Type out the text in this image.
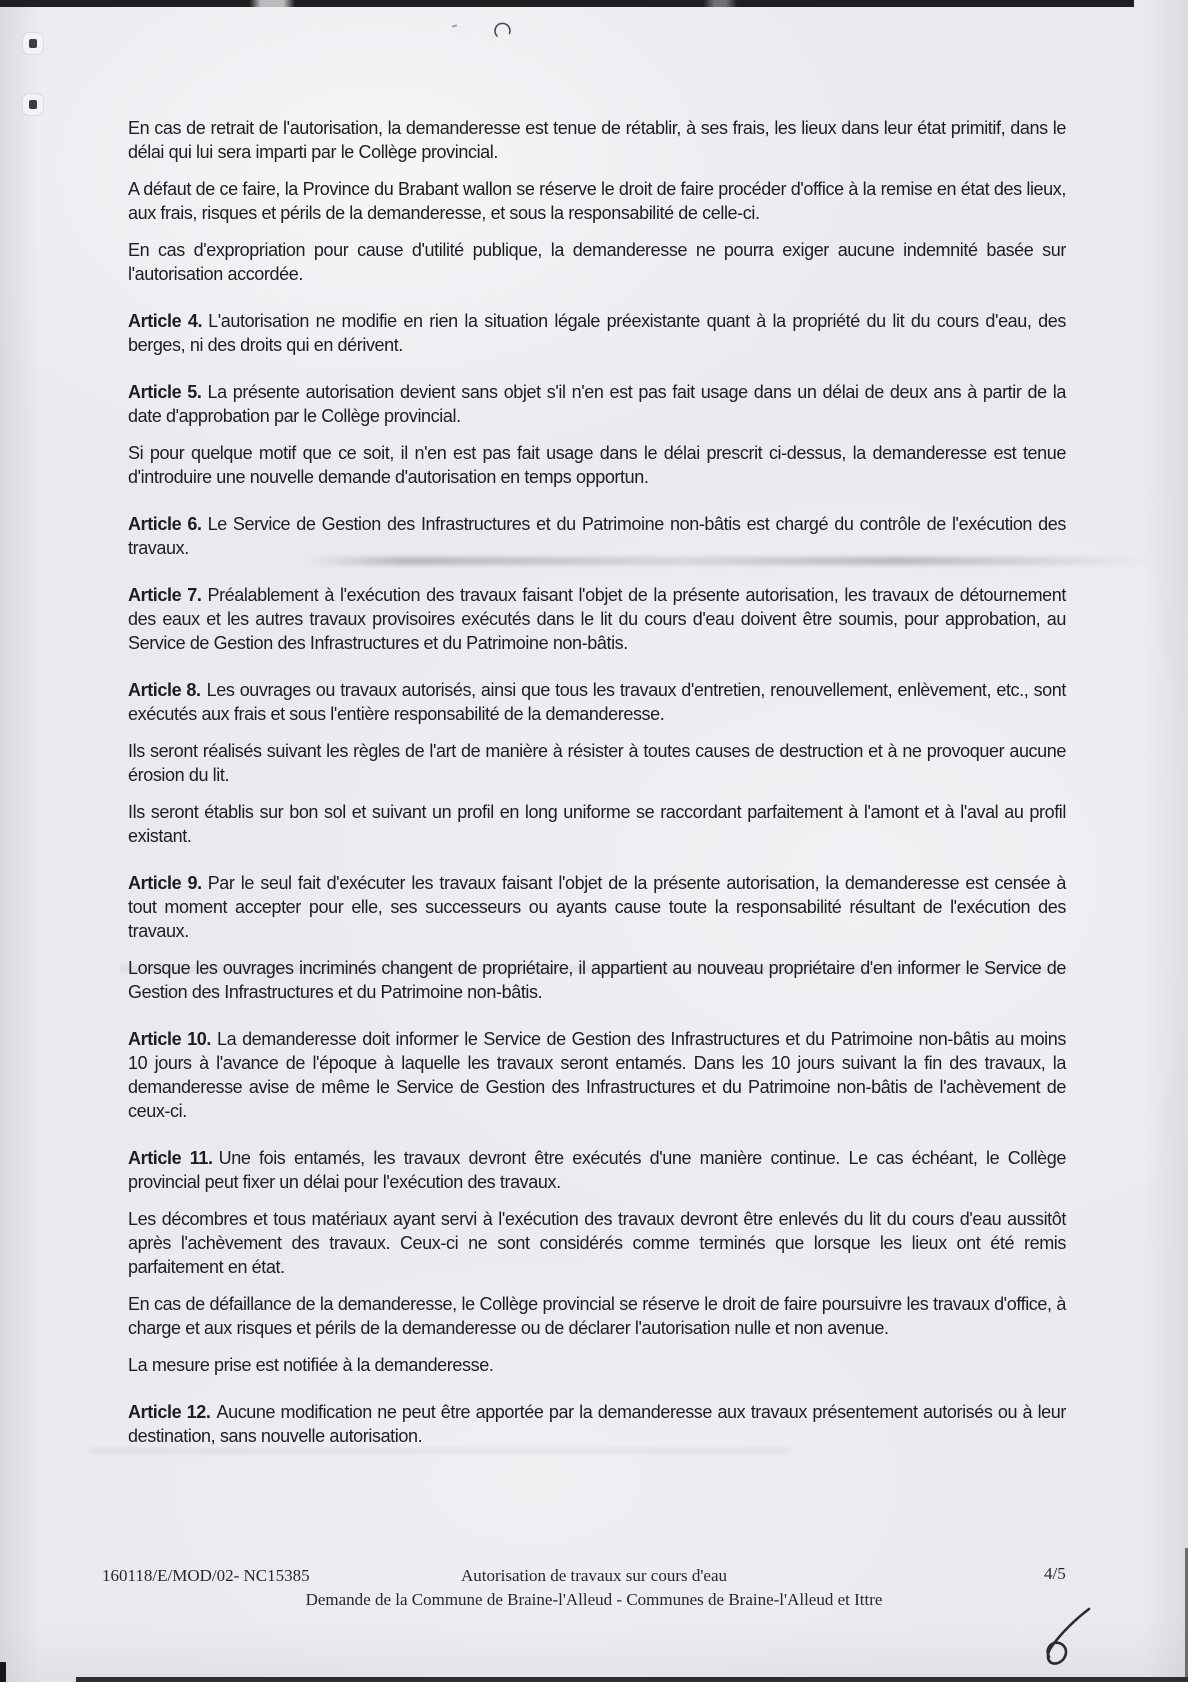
En cas de retrait de l'autorisation, la demanderesse est tenue de rétablir, à ses frais, les lieux dans leur état primitif, dans le délai qui lui sera imparti par le Collège provincial.

A défaut de ce faire, la Province du Brabant wallon se réserve le droit de faire procéder d'office à la remise en état des lieux, aux frais, risques et périls de la demanderesse, et sous la responsabilité de celle-ci.

En cas d'expropriation pour cause d'utilité publique, la demanderesse ne pourra exiger aucune indemnité basée sur l'autorisation accordée.

Article 4. L'autorisation ne modifie en rien la situation légale préexistante quant à la propriété du lit du cours d'eau, des berges, ni des droits qui en dérivent.

Article 5. La présente autorisation devient sans objet s'il n'en est pas fait usage dans un délai de deux ans à partir de la date d'approbation par le Collège provincial.

Si pour quelque motif que ce soit, il n'en est pas fait usage dans le délai prescrit ci-dessus, la demanderesse est tenue d'introduire une nouvelle demande d'autorisation en temps opportun.

Article 6. Le Service de Gestion des Infrastructures et du Patrimoine non-bâtis est chargé du contrôle de l'exécution des travaux.

Article 7. Préalablement à l'exécution des travaux faisant l'objet de la présente autorisation, les travaux de détournement des eaux et les autres travaux provisoires exécutés dans le lit du cours d'eau doivent être soumis, pour approbation, au Service de Gestion des Infrastructures et du Patrimoine non-bâtis.

Article 8. Les ouvrages ou travaux autorisés, ainsi que tous les travaux d'entretien, renouvellement, enlèvement, etc., sont exécutés aux frais et sous l'entière responsabilité de la demanderesse.

Ils seront réalisés suivant les règles de l'art de manière à résister à toutes causes de destruction et à ne provoquer aucune érosion du lit.

Ils seront établis sur bon sol et suivant un profil en long uniforme se raccordant parfaitement à l'amont et à l'aval au profil existant.

Article 9. Par le seul fait d'exécuter les travaux faisant l'objet de la présente autorisation, la demanderesse est censée à tout moment accepter pour elle, ses successeurs ou ayants cause toute la responsabilité résultant de l'exécution des travaux.

Lorsque les ouvrages incriminés changent de propriétaire, il appartient au nouveau propriétaire d'en informer le Service de Gestion des Infrastructures et du Patrimoine non-bâtis.

Article 10. La demanderesse doit informer le Service de Gestion des Infrastructures et du Patrimoine non-bâtis au moins 10 jours à l'avance de l'époque à laquelle les travaux seront entamés. Dans les 10 jours suivant la fin des travaux, la demanderesse avise de même le Service de Gestion des Infrastructures et du Patrimoine non-bâtis de l'achèvement de ceux-ci.

Article 11. Une fois entamés, les travaux devront être exécutés d'une manière continue. Le cas échéant, le Collège provincial peut fixer un délai pour l'exécution des travaux.

Les décombres et tous matériaux ayant servi à l'exécution des travaux devront être enlevés du lit du cours d'eau aussitôt après l'achèvement des travaux. Ceux-ci ne sont considérés comme terminés que lorsque les lieux ont été remis parfaitement en état.

En cas de défaillance de la demanderesse, le Collège provincial se réserve le droit de faire poursuivre les travaux d'office, à charge et aux risques et périls de la demanderesse ou de déclarer l'autorisation nulle et non avenue.

La mesure prise est notifiée à la demanderesse.

Article 12. Aucune modification ne peut être apportée par la demanderesse aux travaux présentement autorisés ou à leur destination, sans nouvelle autorisation.

160118/E/MOD/02- NC15385	Autorisation de travaux sur cours d'eau	4/5
Demande de la Commune de Braine-l'Alleud - Communes de Braine-l'Alleud et Ittre
